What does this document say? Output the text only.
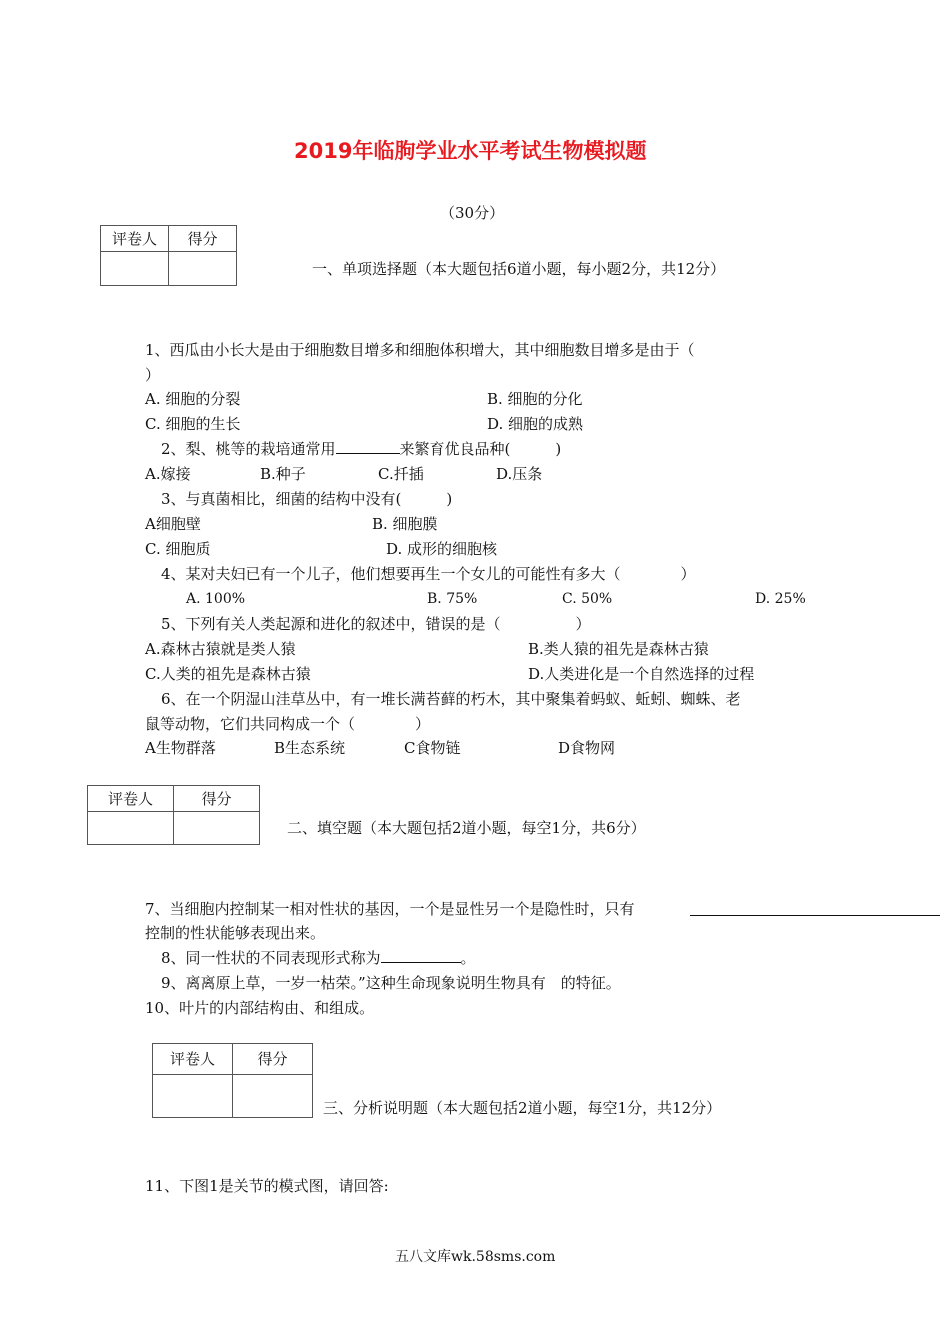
2019年临朐学业水平考试生物模拟题
（30分）
评卷人	得分

一、单项选择题（本大题包括6道小题，每小题2分，共12分）
1、西瓜由小长大是由于细胞数目增多和细胞体积增大，其中细胞数目增多是由于（
）
A. 细胞的分裂	B. 细胞的分化
C. 细胞的生长	D. 细胞的成熟
2、梨、桃等的栽培通常用	来繁育优良品种(　　　)
A.嫁接	B.种子	C.扦插	D.压条
3、与真菌相比，细菌的结构中没有(　　　)
A细胞壁	B. 细胞膜
C. 细胞质	D. 成形的细胞核
4、某对夫妇已有一个儿子，他们想要再生一个女儿的可能性有多大（　　　　）
A. 100%	B. 75%	C. 50%	D. 25%
5、下列有关人类起源和进化的叙述中，错误的是（　　　　　）
A.森林古猿就是类人猿	B.类人猿的祖先是森林古猿
C.人类的祖先是森林古猿	D.人类进化是一个自然选择的过程
6、在一个阴湿山洼草丛中，有一堆长满苔藓的朽木，其中聚集着蚂蚁、蚯蚓、蜘蛛、老
鼠等动物，它们共同构成一个（　　　　）
A生物群落	B生态系统	C食物链	D食物网
评卷人	得分

二、填空题（本大题包括2道小题，每空1分，共6分）
7、当细胞内控制某一相对性状的基因，一个是显性另一个是隐性时，只有
控制的性状能够表现出来。
8、同一性状的不同表现形式称为	。
9、离离原上草，一岁一枯荣。”这种生命现象说明生物具有　的特征。
10、叶片的内部结构由、和组成。
评卷人	得分

三、分析说明题（本大题包括2道小题，每空1分，共12分）
11、下图1是关节的模式图，请回答:
五八文库wk.58sms.com
